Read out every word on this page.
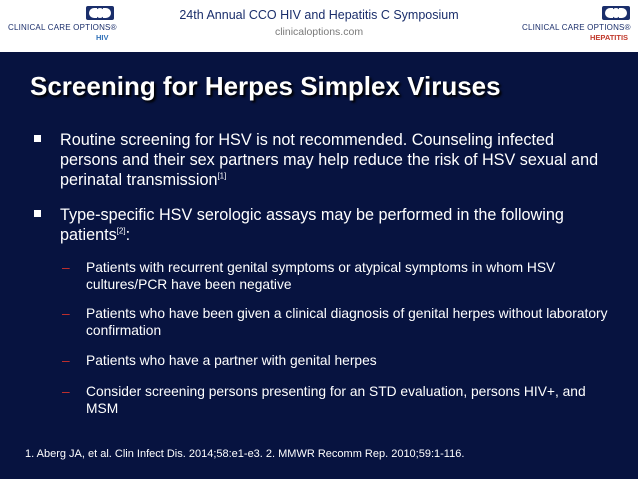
CLINICAL CARE OPTIONS®
HIV
24th Annual CCO HIV and Hepatitis C Symposium
clinicaloptions.com	CLINICAL CARE OPTIONS®
HEPATITIS
Screening for Herpes Simplex Viruses
Routine screening for HSV is not recommended. Counseling infected persons and their sex partners may help reduce the risk of HSV sexual and perinatal transmission[1]
Type-specific HSV serologic assays may be performed in the following patients[2]:
– Patients with recurrent genital symptoms or atypical symptoms in whom HSV cultures/PCR have been negative
– Patients who have been given a clinical diagnosis of genital herpes without laboratory confirmation
– Patients who have a partner with genital herpes
– Consider screening persons presenting for an STD evaluation, persons HIV+, and MSM
1. Aberg JA, et al. Clin Infect Dis. 2014;58:e1-e3. 2. MMWR Recomm Rep. 2010;59:1-116.
